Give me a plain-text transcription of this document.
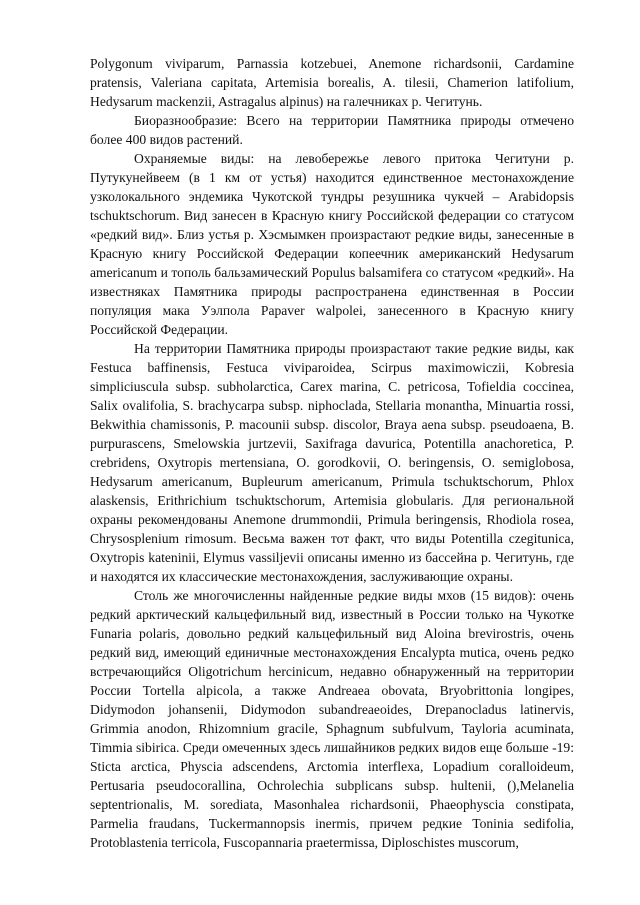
Polygonum viviparum, Parnassia kotzebuei, Anemone richardsonii, Cardamine pratensis, Valeriana capitata, Artemisia borealis, A. tilesii, Chamerion latifolium, Hedysarum mackenzii, Astragalus alpinus) на галечниках р. Чегитунь.

Биоразнообразие: Всего на территории Памятника природы отмечено более 400 видов растений.

Охраняемые виды: на левобережье левого притока Чегитуни р. Путукунейвеем (в 1 км от устья) находится единственное местонахождение узколокального эндемика Чукотской тундры резушника чукчей – Arabidopsis tschuktschorum. Вид занесен в Красную книгу Российской федерации со статусом «редкий вид». Близ устья р. Хэсмымкен произрастают редкие виды, занесенные в Красную книгу Российской Федерации копеечник американский Hedysarum americanum и тополь бальзамический Populus balsamifera со статусом «редкий». На известняках Памятника природы распространена единственная в России популяция мака Уэлпола Papaver walpolei, занесенного в Красную книгу Российской Федерации.

На территории Памятника природы произрастают такие редкие виды, как Festuca baffinensis, Festuca viviparoidea, Scirpus maximowiczii, Kobresia simpliciuscula subsp. subholarctica, Carex marina, C. petricosa, Tofieldia coccinea, Salix ovalifolia, S. brachycarpa subsp. niphoclada, Stellaria monantha, Minuartia rossi, Bekwithia chamissonis, P. macounii subsp. discolor, Braya aena subsp. pseudoaena, B. purpurascens, Smelowskia jurtzevii, Saxifraga davurica, Potentilla anachoretica, P. crebridens, Oxytropis mertensiana, O. gorodkovii, O. beringensis, O. semiglobosa, Hedysarum americanum, Bupleurum americanum, Primula tschuktschorum, Phlox alaskensis, Erithrichium tschuktschorum, Artemisia globularis. Для региональной охраны рекомендованы Anemone drummondii, Primula beringensis, Rhodiola rosea, Chrysosplenium rimosum. Весьма важен тот факт, что виды Potentilla czegitunica, Oxytropis kateninii, Elymus vassiljevii описаны именно из бассейна р. Чегитунь, где и находятся их классические местонахождения, заслуживающие охраны.

Столь же многочисленны найденные редкие виды мхов (15 видов): очень редкий арктический кальцефильный вид, известный в России только на Чукотке Funaria polaris, довольно редкий кальцефильный вид Aloina brevirostris, очень редкий вид, имеющий единичные местонахождения Encalypta mutica, очень редко встречающийся Oligotrichum hercinicum, недавно обнаруженный на территории России Tortella alpicola, а также Andreaea obovata, Bryobrittonia longipes, Didymodon johansenii, Didymodon subandreaeoides, Drepanocladus latinervis, Grimmia anodon, Rhizomnium gracile, Sphagnum subfulvum, Tayloria acuminata, Timmia sibirica. Среди омеченных здесь лишайников редких видов еще больше -19: Sticta arctica, Physcia adscendens, Arctomia interflexa, Lopadium coralloideum, Pertusaria pseudocorallina, Ochrolechia subplicans subsp. hultenii, (),Melanelia septentrionalis, M. sorediata, Masonhalea richardsonii, Phaeophyscia constipata, Parmelia fraudans, Tuckermannopsis inermis, причем редкие Toninia sedifolia, Protoblastenia terricola, Fuscopannaria praetermissa, Diploschistes muscorum,
